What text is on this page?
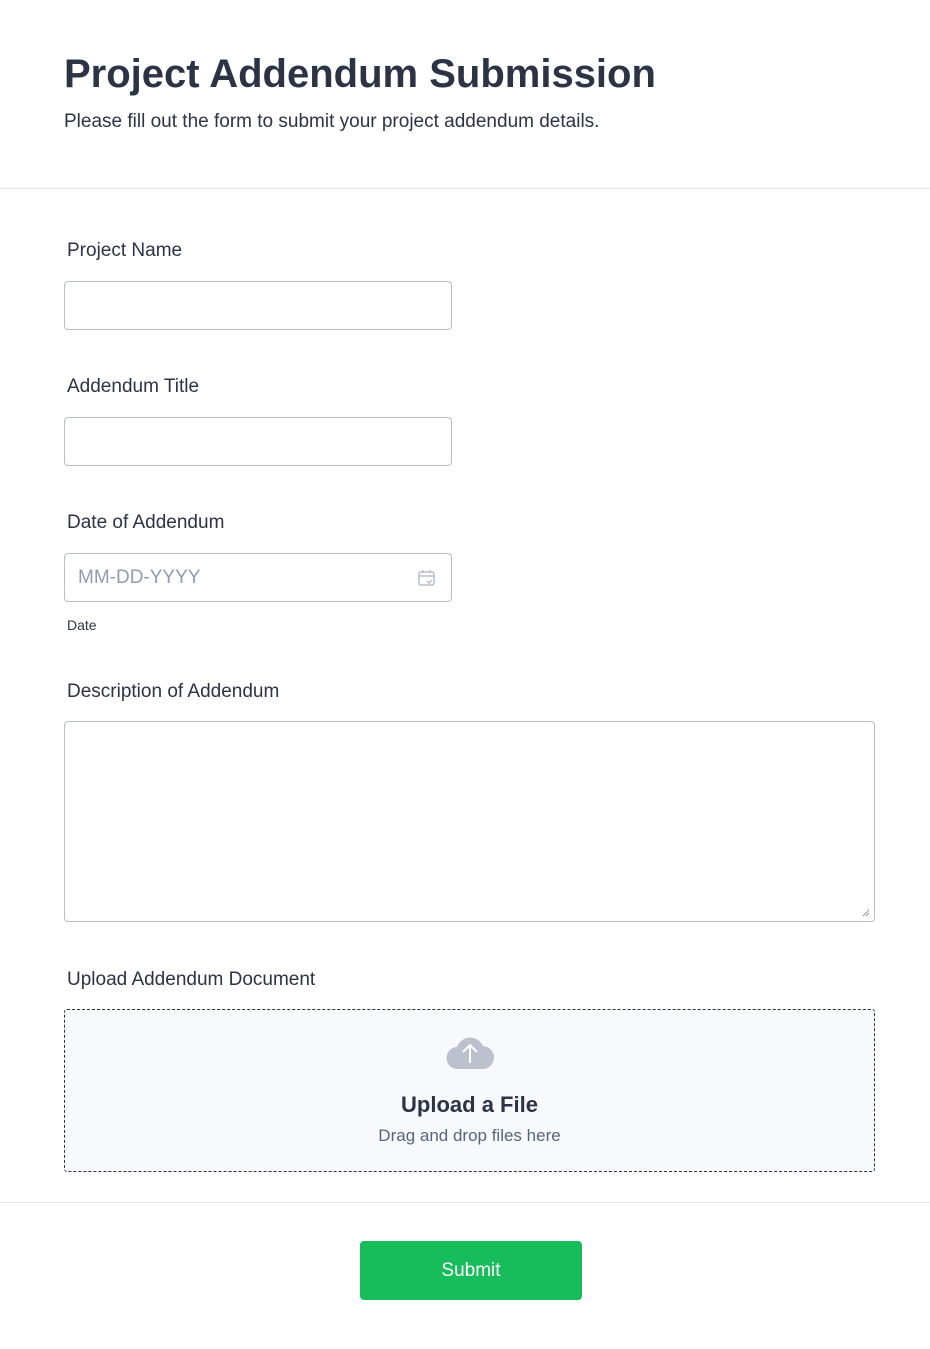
Project Addendum Submission

Please fill out the form to submit your project addendum details.

Project Name
Addendum Title
Date of Addendum
MM-DD-YYYY
Date
Description of Addendum
Upload Addendum Document
Upload a File
Drag and drop files here
Submit
